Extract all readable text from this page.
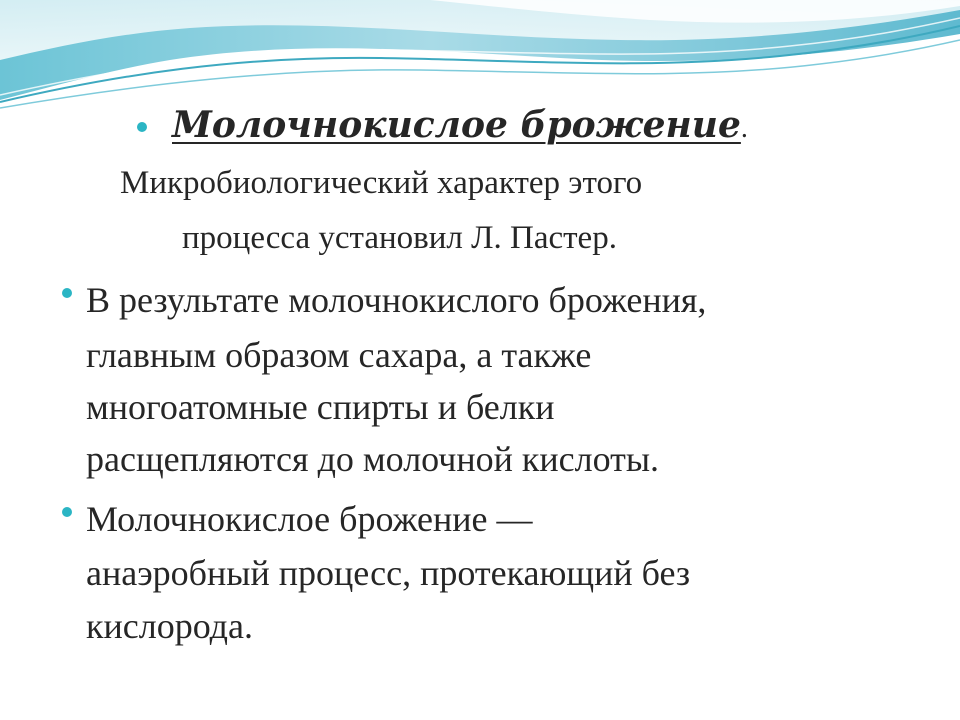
Молочнокислое брожение.

Микробиологический характер этого

процесса установил Л. Пастер.

В результате молочнокислого брожения,

главным образом сахара, а также

многоатомные спирты и белки

расщепляются до молочной кислоты.

Молочнокислое брожение —

анаэробный процесс, протекающий без

кислорода.
